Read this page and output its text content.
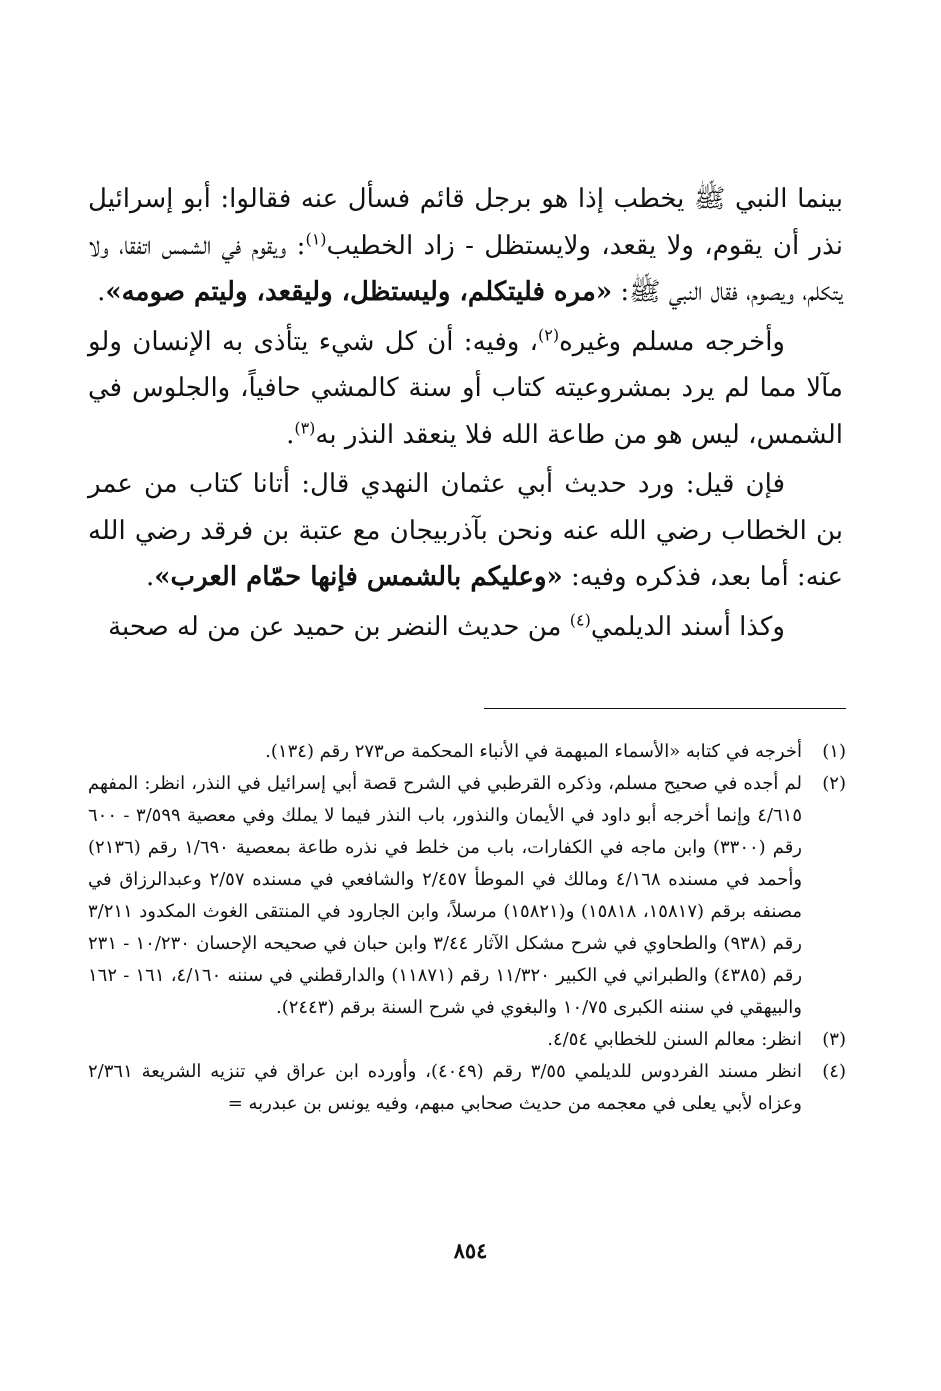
بينما النبي ﷺ يخطب إذا هو برجل قائم فسأل عنه فقالوا: أبو إسرائيل نذر أن يقوم، ولا يقعد، ولايستظل - زاد الخطيب$^{(١)}$: ويقوم في الشمس اتفقا، ولا يتكلم، ويصوم، فقال النبي ﷺ: «مره فليتكلم، وليستظل، وليقعد، وليتم صومه».

وأخرجه مسلم وغيره$^{(٢)}$، وفيه: أن كل شيء يتأذى به الإنسان ولو مآلا مما لم يرد بمشروعيته كتاب أو سنة كالمشي حافياً، والجلوس في الشمس، ليس هو من طاعة الله فلا ينعقد النذر به$^{(٣)}$.

فإن قيل: ورد حديث أبي عثمان النهدي قال: أتانا كتاب من عمر بن الخطاب رضي الله عنه ونحن بآذربيجان مع عتبة بن فرقد رضي الله عنه: أما بعد، فذكره وفيه: «وعليكم بالشمس فإنها حمّام العرب».

وكذا أسند الديلمي$^{(٤)}$ من حديث النضر بن حميد عن من له صحبة

(١)
أخرجه في كتابه «الأسماء المبهمة في الأنباء المحكمة ص٢٧٣ رقم (١٣٤).
(٢)
لم أجده في صحيح مسلم، وذكره القرطبي في الشرح قصة أبي إسرائيل في النذر، انظر: المفهم ٤/٦١٥ وإنما أخرجه أبو داود في الأيمان والنذور، باب النذر فيما لا يملك وفي معصية ٣/٥٩٩ - ٦٠٠ رقم (٣٣٠٠) وابن ماجه في الكفارات، باب من خلط في نذره طاعة بمعصية ١/٦٩٠ رقم (٢١٣٦) وأحمد في مسنده ٤/١٦٨ ومالك في الموطأ ٢/٤٥٧ والشافعي في مسنده ٢/٥٧ وعبدالرزاق في مصنفه برقم (١٥٨١٧، ١٥٨١٨) و(١٥٨٢١) مرسلاً، وابن الجارود في المنتقى الغوث المكدود ٣/٢١١ رقم (٩٣٨) والطحاوي في شرح مشكل الآثار ٣/٤٤ وابن حبان في صحيحه الإحسان ١٠/٢٣٠ - ٢٣١ رقم (٤٣٨٥) والطبراني في الكبير ١١/٣٢٠ رقم (١١٨٧١) والدارقطني في سننه ٤/١٦٠، ١٦١ - ١٦٢ والبيهقي في سننه الكبرى ١٠/٧٥ والبغوي في شرح السنة برقم (٢٤٤٣).
(٣)
انظر: معالم السنن للخطابي ٤/٥٤.
(٤)
انظر مسند الفردوس للديلمي ٣/٥٥ رقم (٤٠٤٩)، وأورده ابن عراق في تنزيه الشريعة ٢/٣٦١ وعزاه لأبي يعلى في معجمه من حديث صحابي مبهم، وفيه يونس بن عبدربه =
٨٥٤
